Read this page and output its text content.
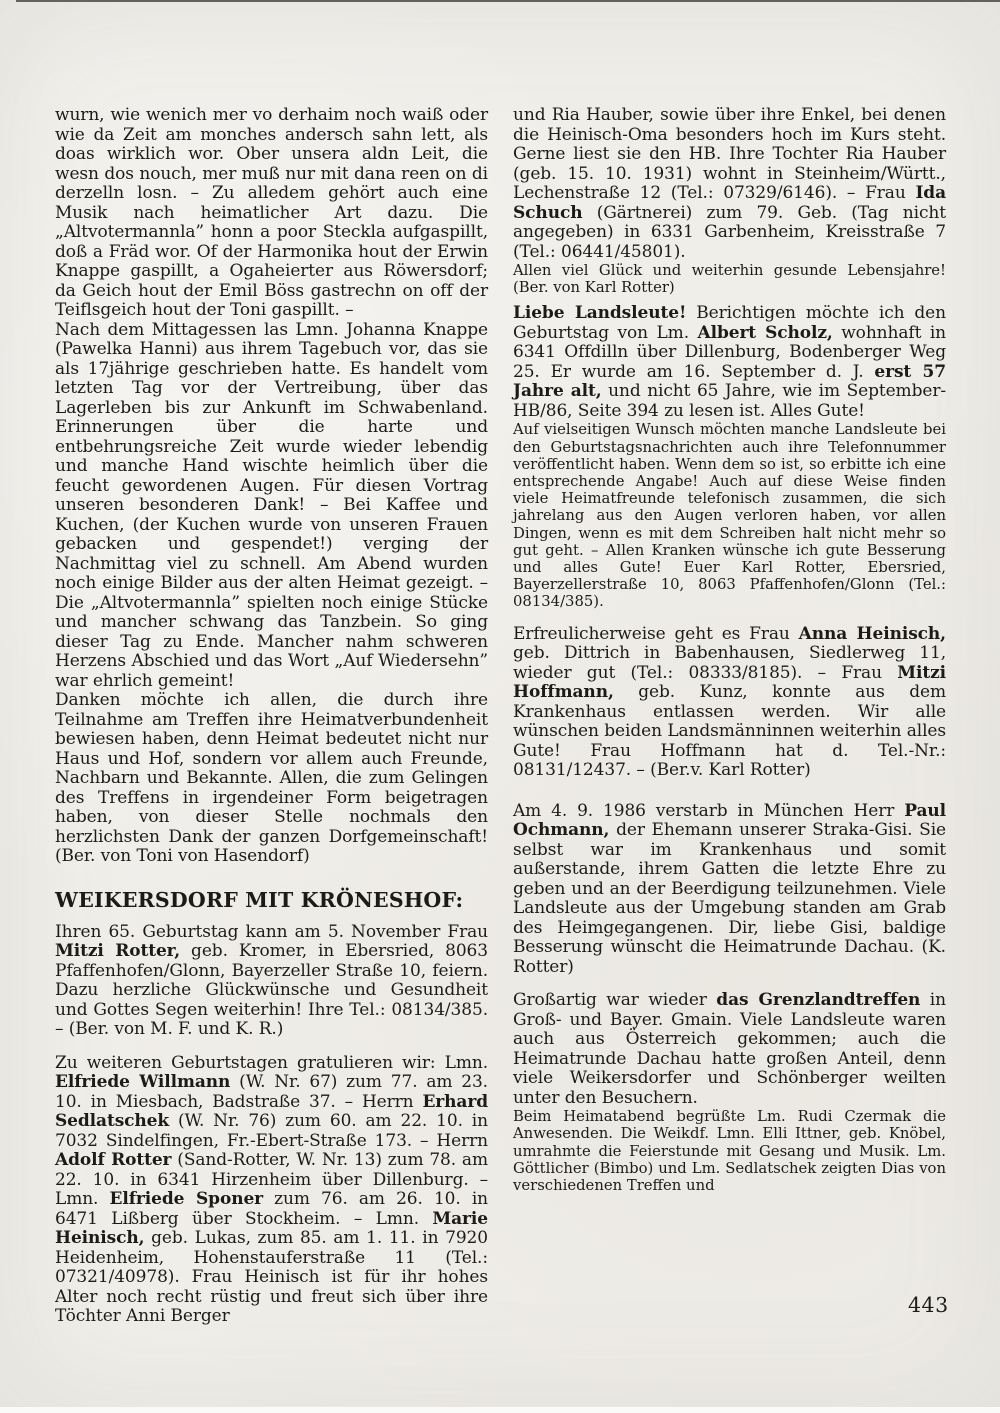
wurn, wie wenich mer vo derhaim noch waiß oder wie da Zeit am monches andersch sahn lett, als doas wirklich wor. Ober unsera aldn Leit, die wesn dos nouch, mer muß nur mit dana reen on di derzelln losn. – Zu alledem gehört auch eine Musik nach heimatlicher Art dazu. Die „Altvotermannla” honn a poor Steckla aufgaspillt, doß a Fräd wor. Of der Harmonika hout der Erwin Knappe gaspillt, a Ogaheierter aus Röwersdorf; da Geich hout der Emil Böss gastrechn on off der Teiflsgeich hout der Toni gaspillt. –

Nach dem Mittagessen las Lmn. Johanna Knappe (Pawelka Hanni) aus ihrem Tagebuch vor, das sie als 17jährige geschrieben hatte. Es handelt vom letzten Tag vor der Vertreibung, über das Lagerleben bis zur Ankunft im Schwabenland. Erinnerungen über die harte und entbehrungsreiche Zeit wurde wieder lebendig und manche Hand wischte heimlich über die feucht gewordenen Augen. Für diesen Vortrag unseren besonderen Dank! – Bei Kaffee und Kuchen, (der Kuchen wurde von unseren Frauen gebacken und gespendet!) verging der Nachmittag viel zu schnell. Am Abend wurden noch einige Bilder aus der alten Heimat gezeigt. – Die „Altvotermannla” spielten noch einige Stücke und mancher schwang das Tanzbein. So ging dieser Tag zu Ende. Mancher nahm schweren Herzens Abschied und das Wort „Auf Wiedersehn” war ehrlich gemeint!

Danken möchte ich allen, die durch ihre Teilnahme am Treffen ihre Heimatverbundenheit bewiesen haben, denn Heimat bedeutet nicht nur Haus und Hof, sondern vor allem auch Freunde, Nachbarn und Bekannte. Allen, die zum Gelingen des Treffens in irgendeiner Form beigetragen haben, von dieser Stelle nochmals den herzlichsten Dank der ganzen Dorfgemeinschaft! (Ber. von Toni von Hasendorf)

WEIKERSDORF MIT KRÖNESHOF:

Ihren 65. Geburtstag kann am 5. November Frau Mitzi Rotter, geb. Kromer, in Ebersried, 8063 Pfaffenhofen/Glonn, Bayerzeller Straße 10, feiern. Dazu herzliche Glückwünsche und Gesundheit und Gottes Segen weiterhin! Ihre Tel.: 08134/385. – (Ber. von M. F. und K. R.)

Zu weiteren Geburtstagen gratulieren wir: Lmn. Elfriede Willmann (W. Nr. 67) zum 77. am 23. 10. in Miesbach, Badstraße 37. – Herrn Erhard Sedlatschek (W. Nr. 76) zum 60. am 22. 10. in 7032 Sindelfingen, Fr.-Ebert-Straße 173. – Herrn Adolf Rotter (Sand-Rotter, W. Nr. 13) zum 78. am 22. 10. in 6341 Hirzenheim über Dillenburg. – Lmn. Elfriede Sponer zum 76. am 26. 10. in 6471 Lißberg über Stockheim. – Lmn. Marie Heinisch, geb. Lukas, zum 85. am 1. 11. in 7920 Heidenheim, Hohenstauferstraße 11 (Tel.: 07321/40978). Frau Heinisch ist für ihr hohes Alter noch recht rüstig und freut sich über ihre Töchter Anni Berger

und Ria Hauber, sowie über ihre Enkel, bei denen die Heinisch-Oma besonders hoch im Kurs steht. Gerne liest sie den HB. Ihre Tochter Ria Hauber (geb. 15. 10. 1931) wohnt in Steinheim/Württ., Lechenstraße 12 (Tel.: 07329/6146). – Frau Ida Schuch (Gärtnerei) zum 79. Geb. (Tag nicht angegeben) in 6331 Garbenheim, Kreisstraße 7 (Tel.: 06441/45801).

Allen viel Glück und weiterhin gesunde Lebensjahre! (Ber. von Karl Rotter)

Liebe Landsleute! Berichtigen möchte ich den Geburtstag von Lm. Albert Scholz, wohnhaft in 6341 Offdilln über Dillenburg, Bodenberger Weg 25. Er wurde am 16. September d. J. erst 57 Jahre alt, und nicht 65 Jahre, wie im September-HB/86, Seite 394 zu lesen ist. Alles Gute!

Auf vielseitigen Wunsch möchten manche Landsleute bei den Geburtstagsnachrichten auch ihre Telefonnummer veröffentlicht haben. Wenn dem so ist, so erbitte ich eine entsprechende Angabe! Auch auf diese Weise finden viele Heimatfreunde telefonisch zusammen, die sich jahrelang aus den Augen verloren haben, vor allen Dingen, wenn es mit dem Schreiben halt nicht mehr so gut geht. – Allen Kranken wünsche ich gute Besserung und alles Gute! Euer Karl Rotter, Ebersried, Bayerzellerstraße 10, 8063 Pfaffenhofen/Glonn (Tel.: 08134/385).

Erfreulicherweise geht es Frau Anna Heinisch, geb. Dittrich in Babenhausen, Siedlerweg 11, wieder gut (Tel.: 08333/8185). – Frau Mitzi Hoffmann, geb. Kunz, konnte aus dem Krankenhaus entlassen werden. Wir alle wünschen beiden Landsmänninnen weiterhin alles Gute! Frau Hoffmann hat d. Tel.-Nr.: 08131/12437. – (Ber.v. Karl Rotter)

Am 4. 9. 1986 verstarb in München Herr Paul Ochmann, der Ehemann unserer Straka-Gisi. Sie selbst war im Krankenhaus und somit außerstande, ihrem Gatten die letzte Ehre zu geben und an der Beerdigung teilzunehmen. Viele Landsleute aus der Umgebung standen am Grab des Heimgegangenen. Dir, liebe Gisi, baldige Besserung wünscht die Heimatrunde Dachau. (K. Rotter)

Großartig war wieder das Grenzlandtreffen in Groß- und Bayer. Gmain. Viele Landsleute waren auch aus Österreich gekommen; auch die Heimatrunde Dachau hatte großen Anteil, denn viele Weikersdorfer und Schönberger weilten unter den Besuchern.

Beim Heimatabend begrüßte Lm. Rudi Czermak die Anwesenden. Die Weikdf. Lmn. Elli Ittner, geb. Knöbel, umrahmte die Feierstunde mit Gesang und Musik. Lm. Göttlicher (Bimbo) und Lm. Sedlatschek zeigten Dias von verschiedenen Treffen und

443
